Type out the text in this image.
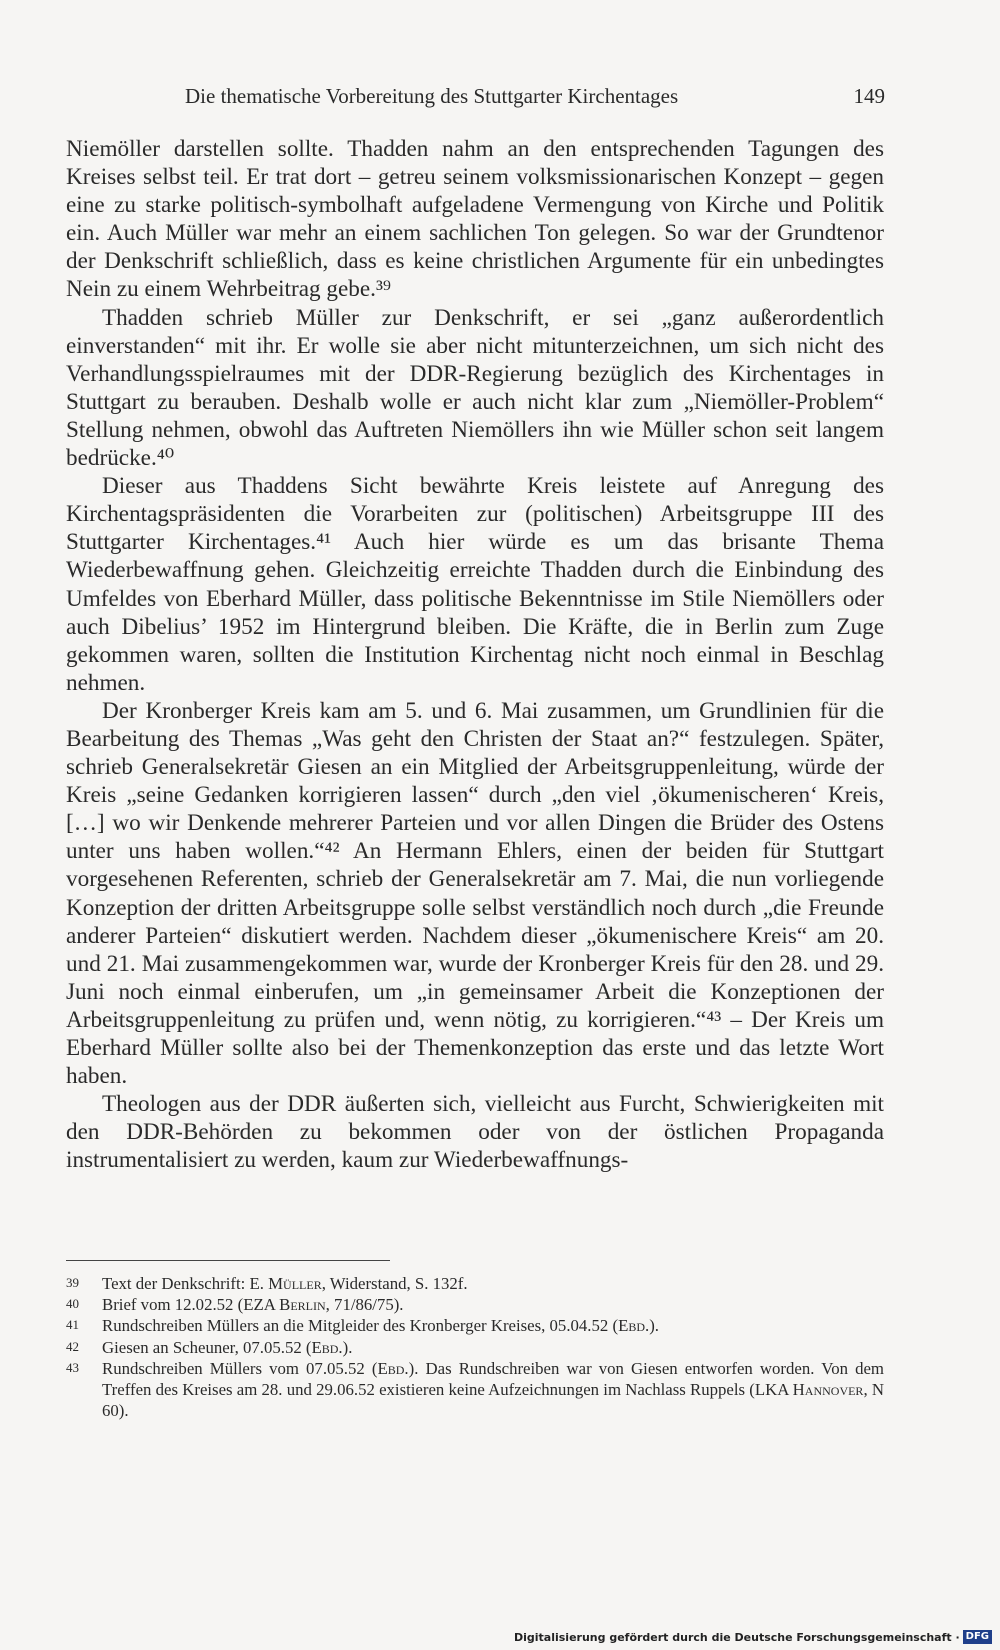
Die thematische Vorbereitung des Stuttgarter Kirchentages	149

Niemöller darstellen sollte. Thadden nahm an den entsprechenden Tagungen des Kreises selbst teil. Er trat dort – getreu seinem volksmissionarischen Konzept – gegen eine zu starke politisch-symbolhaft aufgeladene Vermengung von Kirche und Politik ein. Auch Müller war mehr an einem sachlichen Ton gelegen. So war der Grundtenor der Denkschrift schließlich, dass es keine christlichen Argumente für ein unbedingtes Nein zu einem Wehrbeitrag gebe.³⁹

Thadden schrieb Müller zur Denkschrift, er sei „ganz außerordentlich einverstanden“ mit ihr. Er wolle sie aber nicht mitunterzeichnen, um sich nicht des Verhandlungsspielraumes mit der DDR-Regierung bezüglich des Kirchentages in Stuttgart zu berauben. Deshalb wolle er auch nicht klar zum „Niemöller-Problem“ Stellung nehmen, obwohl das Auftreten Niemöllers ihn wie Müller schon seit langem bedrücke.⁴⁰

Dieser aus Thaddens Sicht bewährte Kreis leistete auf Anregung des Kirchentagspräsidenten die Vorarbeiten zur (politischen) Arbeitsgruppe III des Stuttgarter Kirchentages.⁴¹ Auch hier würde es um das brisante Thema Wiederbewaffnung gehen. Gleichzeitig erreichte Thadden durch die Einbindung des Umfeldes von Eberhard Müller, dass politische Bekenntnisse im Stile Niemöllers oder auch Dibelius’ 1952 im Hintergrund bleiben. Die Kräfte, die in Berlin zum Zuge gekommen waren, sollten die Institution Kirchentag nicht noch einmal in Beschlag nehmen.

Der Kronberger Kreis kam am 5. und 6. Mai zusammen, um Grundlinien für die Bearbeitung des Themas „Was geht den Christen der Staat an?“ festzulegen. Später, schrieb Generalsekretär Giesen an ein Mitglied der Arbeitsgruppenleitung, würde der Kreis „seine Gedanken korrigieren lassen“ durch „den viel ‚ökumenischeren‘ Kreis, […] wo wir Denkende mehrerer Parteien und vor allen Dingen die Brüder des Ostens unter uns haben wollen.“⁴² An Hermann Ehlers, einen der beiden für Stuttgart vorgesehenen Referenten, schrieb der Generalsekretär am 7. Mai, die nun vorliegende Konzeption der dritten Arbeitsgruppe solle selbst verständlich noch durch „die Freunde anderer Parteien“ diskutiert werden. Nachdem dieser „ökumenischere Kreis“ am 20. und 21. Mai zusammengekommen war, wurde der Kronberger Kreis für den 28. und 29. Juni noch einmal einberufen, um „in gemeinsamer Arbeit die Konzeptionen der Arbeitsgruppenleitung zu prüfen und, wenn nötig, zu korrigieren.“⁴³ – Der Kreis um Eberhard Müller sollte also bei der Themenkonzeption das erste und das letzte Wort haben.

Theologen aus der DDR äußerten sich, vielleicht aus Furcht, Schwierigkeiten mit den DDR-Behörden zu bekommen oder von der östlichen Propaganda instrumentalisiert zu werden, kaum zur Wiederbewaffnungs-

39 Text der Denkschrift: E. Müller, Widerstand, S. 132f.
40 Brief vom 12.02.52 (EZA Berlin, 71/86/75).
41 Rundschreiben Müllers an die Mitgleider des Kronberger Kreises, 05.04.52 (Ebd.).
42 Giesen an Scheuner, 07.05.52 (Ebd.).
43 Rundschreiben Müllers vom 07.05.52 (Ebd.). Das Rundschreiben war von Giesen entworfen worden. Von dem Treffen des Kreises am 28. und 29.06.52 existieren keine Aufzeichnungen im Nachlass Ruppels (LKA Hannover, N 60).
Digitalisierung gefördert durch die Deutsche Forschungsgemeinschaft · DFG
